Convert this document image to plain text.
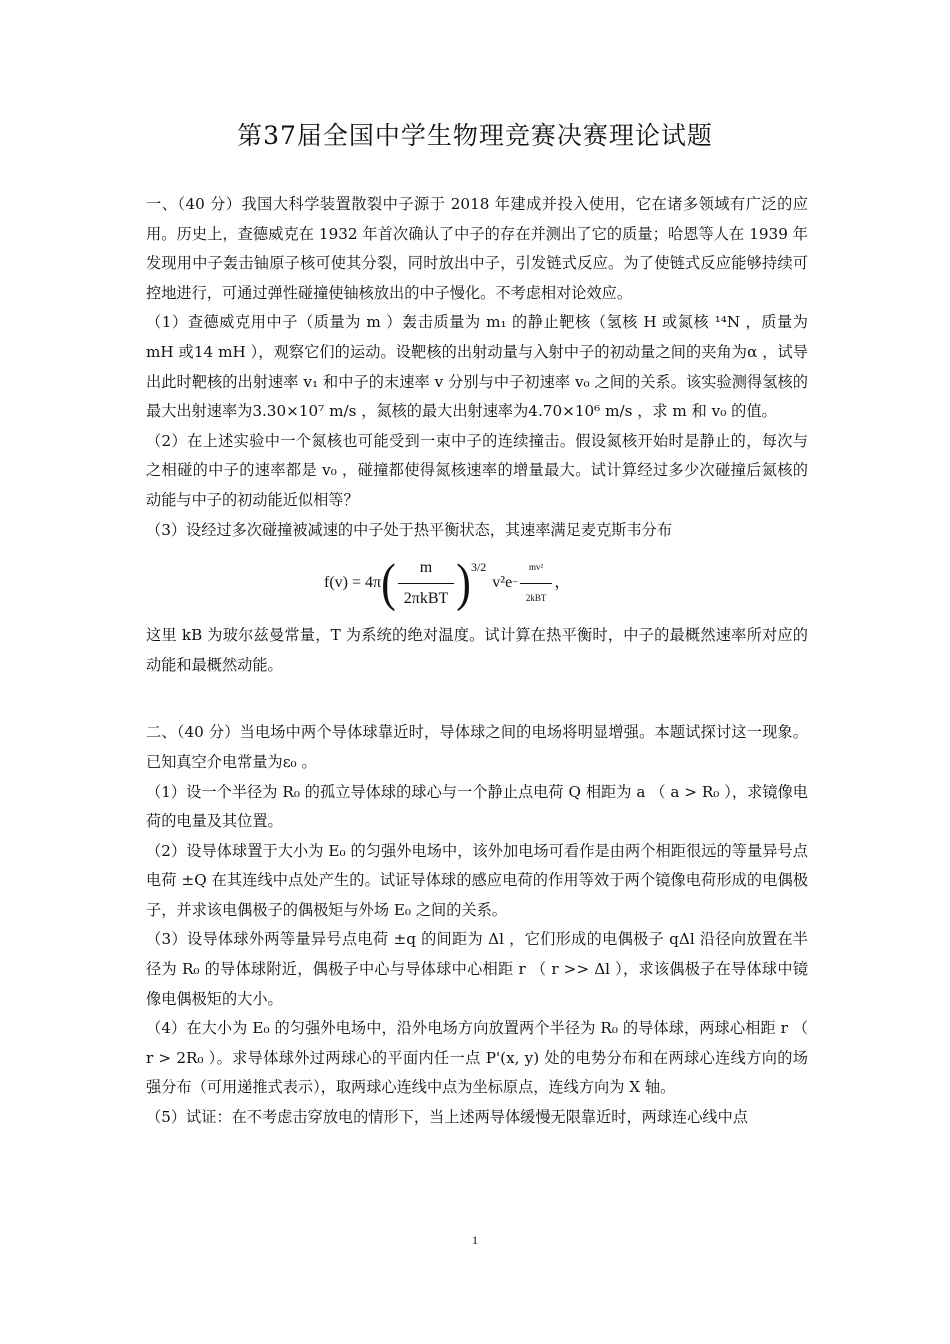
第37届全国中学生物理竞赛决赛理论试题

一、（40 分）我国大科学装置散裂中子源于 2018 年建成并投入使用，它在诸多领域有广泛的应用。历史上，查德威克在 1932 年首次确认了中子的存在并测出了它的质量；哈恩等人在 1939 年发现用中子轰击铀原子核可使其分裂，同时放出中子，引发链式反应。为了使链式反应能够持续可控地进行，可通过弹性碰撞使铀核放出的中子慢化。不考虑相对论效应。

（1）查德威克用中子（质量为 m ）轰击质量为 m₁ 的静止靶核（氢核 H 或氮核 ¹⁴N ，质量为 mH 或14 mH ），观察它们的运动。设靶核的出射动量与入射中子的初动量之间的夹角为α ，试导出此时靶核的出射速率 v₁ 和中子的末速率 v 分别与中子初速率 v₀ 之间的关系。该实验测得氢核的最大出射速率为3.30×10⁷ m/s ，氮核的最大出射速率为4.70×10⁶ m/s ，求 m 和 v₀ 的值。

（2）在上述实验中一个氮核也可能受到一束中子的连续撞击。假设氮核开始时是静止的，每次与之相碰的中子的速率都是 v₀ ，碰撞都使得氮核速率的增量最大。试计算经过多少次碰撞后氮核的动能与中子的初动能近似相等？

（3）设经过多次碰撞被减速的中子处于热平衡状态，其速率满足麦克斯韦分布

f(v) = 4π ( $\frac{m}{\text{2πkBT}} )^{3/2}$
$v^2e - \frac{\text{mv²}}{\text{2kBT}}$ ，

这里 kB 为玻尔兹曼常量，T 为系统的绝对温度。试计算在热平衡时，中子的最概然速率所对应的动能和最概然动能。

二、（40 分）当电场中两个导体球靠近时，导体球之间的电场将明显增强。本题试探讨这一现象。已知真空介电常量为ε₀ 。

（1）设一个半径为 R₀ 的孤立导体球的球心与一个静止点电荷 Q 相距为 a （ a > R₀ ），求镜像电荷的电量及其位置。

（2）设导体球置于大小为 E₀ 的匀强外电场中，该外加电场可看作是由两个相距很远的等量异号点电荷 ±Q 在其连线中点处产生的。试证导体球的感应电荷的作用等效于两个镜像电荷形成的电偶极子，并求该电偶极子的偶极矩与外场 E₀ 之间的关系。

（3）设导体球外两等量异号点电荷 ±q 的间距为 Δl ，它们形成的电偶极子 qΔl 沿径向放置在半径为 R₀ 的导体球附近，偶极子中心与导体球中心相距 r （ r >> Δl ），求该偶极子在导体球中镜像电偶极矩的大小。

（4）在大小为 E₀ 的匀强外电场中，沿外电场方向放置两个半径为 R₀ 的导体球，两球心相距 r （ r > 2R₀ ）。求导体球外过两球心的平面内任一点 P'(x, y) 处的电势分布和在两球心连线方向的场强分布（可用递推式表示），取两球心连线中点为坐标原点，连线方向为 X 轴。

（5）试证：在不考虑击穿放电的情形下，当上述两导体缓慢无限靠近时，两球连心线中点

1
